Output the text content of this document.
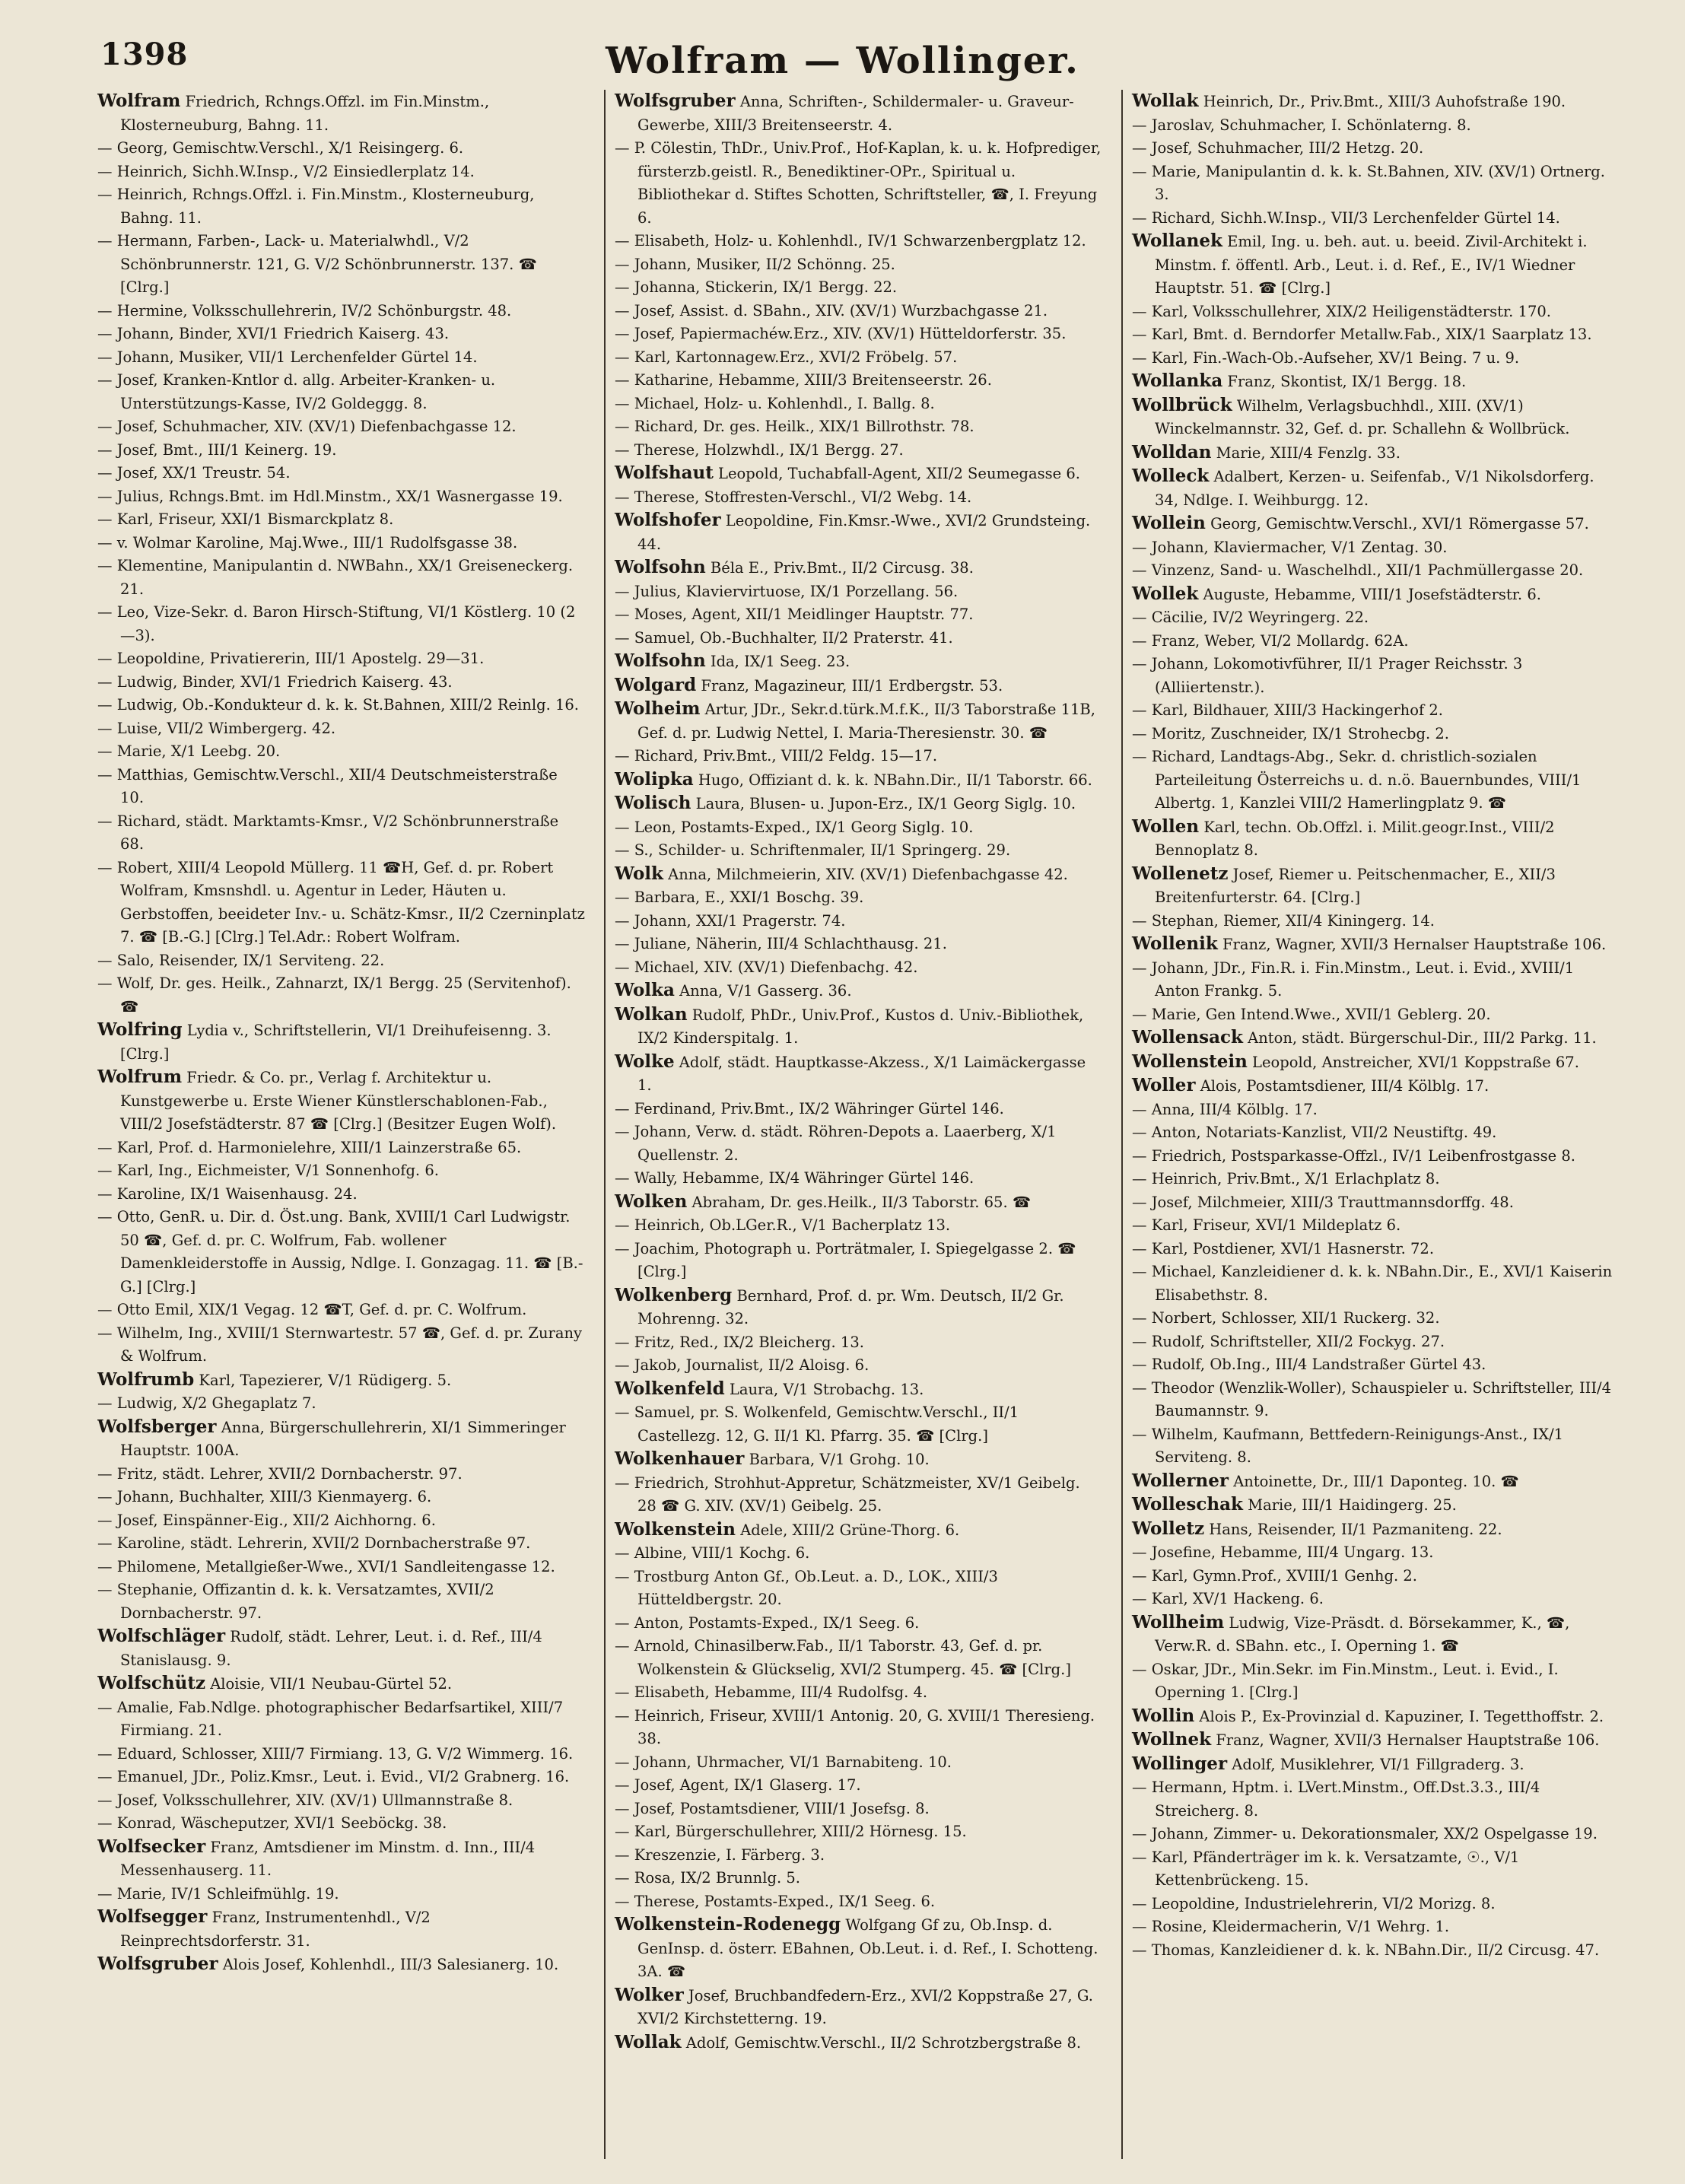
1398	Wolfram — Wollinger.

Wolfram Friedrich, Rchngs.Offzl. im Fin.Minstm., Klosterneuburg, Bahng. 11.

— Georg, Gemischtw.Verschl., X/1 Reisingerg. 6.

— Heinrich, Sichh.W.Insp., V/2 Einsiedlerplatz 14.

— Heinrich, Rchngs.Offzl. i. Fin.Minstm., Klosterneuburg, Bahng. 11.

— Hermann, Farben-, Lack- u. Materialwhdl., V/2 Schönbrunnerstr. 121, G. V/2 Schönbrunnerstr. 137. ☎ [Clrg.]

— Hermine, Volksschullehrerin, IV/2 Schönburgstr. 48.

— Johann, Binder, XVI/1 Friedrich Kaiserg. 43.

— Johann, Musiker, VII/1 Lerchenfelder Gürtel 14.

— Josef, Kranken-Kntlor d. allg. Arbeiter-Kranken- u. Unterstützungs-Kasse, IV/2 Goldeggg. 8.

— Josef, Schuhmacher, XIV. (XV/1) Diefenbachgasse 12.

— Josef, Bmt., III/1 Keinerg. 19.

— Josef, XX/1 Treustr. 54.

— Julius, Rchngs.Bmt. im Hdl.Minstm., XX/1 Wasnergasse 19.

— Karl, Friseur, XXI/1 Bismarckplatz 8.

— v. Wolmar Karoline, Maj.Wwe., III/1 Rudolfsgasse 38.

— Klementine, Manipulantin d. NWBahn., XX/1 Greiseneckerg. 21.

— Leo, Vize-Sekr. d. Baron Hirsch-Stiftung, VI/1 Köstlerg. 10 (2—3).

— Leopoldine, Privatiererin, III/1 Apostelg. 29—31.

— Ludwig, Binder, XVI/1 Friedrich Kaiserg. 43.

— Ludwig, Ob.-Kondukteur d. k. k. St.Bahnen, XIII/2 Reinlg. 16.

— Luise, VII/2 Wimbergerg. 42.

— Marie, X/1 Leebg. 20.

— Matthias, Gemischtw.Verschl., XII/4 Deutschmeisterstraße 10.

— Richard, städt. Marktamts-Kmsr., V/2 Schönbrunnerstraße 68.

— Robert, XIII/4 Leopold Müllerg. 11 ☎H, Gef. d. pr. Robert Wolfram, Kmsnshdl. u. Agentur in Leder, Häuten u. Gerbstoffen, beeideter Inv.- u. Schätz-Kmsr., II/2 Czerninplatz 7. ☎ [B.-G.] [Clrg.] Tel.Adr.: Robert Wolfram.

— Salo, Reisender, IX/1 Serviteng. 22.

— Wolf, Dr. ges. Heilk., Zahnarzt, IX/1 Bergg. 25 (Servitenhof). ☎

Wolfring Lydia v., Schriftstellerin, VI/1 Dreihufeisenng. 3. [Clrg.]

Wolfrum Friedr. & Co. pr., Verlag f. Architektur u. Kunstgewerbe u. Erste Wiener Künstlerschablonen-Fab., VIII/2 Josefstädterstr. 87 ☎ [Clrg.] (Besitzer Eugen Wolf).

— Karl, Prof. d. Harmonielehre, XIII/1 Lainzerstraße 65.

— Karl, Ing., Eichmeister, V/1 Sonnenhofg. 6.

— Karoline, IX/1 Waisenhausg. 24.

— Otto, GenR. u. Dir. d. Öst.ung. Bank, XVIII/1 Carl Ludwigstr. 50 ☎, Gef. d. pr. C. Wolfrum, Fab. wollener Damenkleiderstoffe in Aussig, Ndlge. I. Gonzagag. 11. ☎ [B.-G.] [Clrg.]

— Otto Emil, XIX/1 Vegag. 12 ☎T, Gef. d. pr. C. Wolfrum.

— Wilhelm, Ing., XVIII/1 Sternwartestr. 57 ☎, Gef. d. pr. Zurany & Wolfrum.

Wolfrumb Karl, Tapezierer, V/1 Rüdigerg. 5.

— Ludwig, X/2 Ghegaplatz 7.

Wolfsberger Anna, Bürgerschullehrerin, XI/1 Simmeringer Hauptstr. 100A.

— Fritz, städt. Lehrer, XVII/2 Dornbacherstr. 97.

— Johann, Buchhalter, XIII/3 Kienmayerg. 6.

— Josef, Einspänner-Eig., XII/2 Aichhorng. 6.

— Karoline, städt. Lehrerin, XVII/2 Dornbacherstraße 97.

— Philomene, Metallgießer-Wwe., XVI/1 Sandleitengasse 12.

— Stephanie, Offizantin d. k. k. Versatzamtes, XVII/2 Dornbacherstr. 97.

Wolfschläger Rudolf, städt. Lehrer, Leut. i. d. Ref., III/4 Stanislausg. 9.

Wolfschütz Aloisie, VII/1 Neubau-Gürtel 52.

— Amalie, Fab.Ndlge. photographischer Bedarfsartikel, XIII/7 Firmiang. 21.

— Eduard, Schlosser, XIII/7 Firmiang. 13, G. V/2 Wimmerg. 16.

— Emanuel, JDr., Poliz.Kmsr., Leut. i. Evid., VI/2 Grabnerg. 16.

— Josef, Volksschullehrer, XIV. (XV/1) Ullmannstraße 8.

— Konrad, Wäscheputzer, XVI/1 Seeböckg. 38.

Wolfsecker Franz, Amtsdiener im Minstm. d. Inn., III/4 Messenhauserg. 11.

— Marie, IV/1 Schleifmühlg. 19.

Wolfsegger Franz, Instrumentenhdl., V/2 Reinprechtsdorferstr. 31.

Wolfsgruber Alois Josef, Kohlenhdl., III/3 Salesianerg. 10.

Wolfsgruber Anna, Schriften-, Schildermaler- u. Graveur-Gewerbe, XIII/3 Breitenseerstr. 4.

— P. Cölestin, ThDr., Univ.Prof., Hof-Kaplan, k. u. k. Hofprediger, fürsterzb.geistl. R., Benediktiner-OPr., Spiritual u. Bibliothekar d. Stiftes Schotten, Schriftsteller, ☎, I. Freyung 6.

— Elisabeth, Holz- u. Kohlenhdl., IV/1 Schwarzenbergplatz 12.

— Johann, Musiker, II/2 Schönng. 25.

— Johanna, Stickerin, IX/1 Bergg. 22.

— Josef, Assist. d. SBahn., XIV. (XV/1) Wurzbachgasse 21.

— Josef, Papiermachéw.Erz., XIV. (XV/1) Hütteldorferstr. 35.

— Karl, Kartonnagew.Erz., XVI/2 Fröbelg. 57.

— Katharine, Hebamme, XIII/3 Breitenseerstr. 26.

— Michael, Holz- u. Kohlenhdl., I. Ballg. 8.

— Richard, Dr. ges. Heilk., XIX/1 Billrothstr. 78.

— Therese, Holzwhdl., IX/1 Bergg. 27.

Wolfshaut Leopold, Tuchabfall-Agent, XII/2 Seumegasse 6.

— Therese, Stoffresten-Verschl., VI/2 Webg. 14.

Wolfshofer Leopoldine, Fin.Kmsr.-Wwe., XVI/2 Grundsteing. 44.

Wolfsohn Béla E., Priv.Bmt., II/2 Circusg. 38.

— Julius, Klaviervirtuose, IX/1 Porzellang. 56.

— Moses, Agent, XII/1 Meidlinger Hauptstr. 77.

— Samuel, Ob.-Buchhalter, II/2 Praterstr. 41.

Wolfsohn Ida, IX/1 Seeg. 23.

Wolgard Franz, Magazineur, III/1 Erdbergstr. 53.

Wolheim Artur, JDr., Sekr.d.türk.M.f.K., II/3 Taborstraße 11B, Gef. d. pr. Ludwig Nettel, I. Maria-Theresienstr. 30. ☎

— Richard, Priv.Bmt., VIII/2 Feldg. 15—17.

Wolipka Hugo, Offiziant d. k. k. NBahn.Dir., II/1 Taborstr. 66.

Wolisch Laura, Blusen- u. Jupon-Erz., IX/1 Georg Siglg. 10.

— Leon, Postamts-Exped., IX/1 Georg Siglg. 10.

— S., Schilder- u. Schriftenmaler, II/1 Springerg. 29.

Wolk Anna, Milchmeierin, XIV. (XV/1) Diefenbachgasse 42.

— Barbara, E., XXI/1 Boschg. 39.

— Johann, XXI/1 Pragerstr. 74.

— Juliane, Näherin, III/4 Schlachthausg. 21.

— Michael, XIV. (XV/1) Diefenbachg. 42.

Wolka Anna, V/1 Gasserg. 36.

Wolkan Rudolf, PhDr., Univ.Prof., Kustos d. Univ.-Bibliothek, IX/2 Kinderspitalg. 1.

Wolke Adolf, städt. Hauptkasse-Akzess., X/1 Laimäckergasse 1.

— Ferdinand, Priv.Bmt., IX/2 Währinger Gürtel 146.

— Johann, Verw. d. städt. Röhren-Depots a. Laaerberg, X/1 Quellenstr. 2.

— Wally, Hebamme, IX/4 Währinger Gürtel 146.

Wolken Abraham, Dr. ges.Heilk., II/3 Taborstr. 65. ☎

— Heinrich, Ob.LGer.R., V/1 Bacherplatz 13.

— Joachim, Photograph u. Porträtmaler, I. Spiegelgasse 2. ☎ [Clrg.]

Wolkenberg Bernhard, Prof. d. pr. Wm. Deutsch, II/2 Gr. Mohrenng. 32.

— Fritz, Red., IX/2 Bleicherg. 13.

— Jakob, Journalist, II/2 Aloisg. 6.

Wolkenfeld Laura, V/1 Strobachg. 13.

— Samuel, pr. S. Wolkenfeld, Gemischtw.Verschl., II/1 Castellezg. 12, G. II/1 Kl. Pfarrg. 35. ☎ [Clrg.]

Wolkenhauer Barbara, V/1 Grohg. 10.

— Friedrich, Strohhut-Appretur, Schätzmeister, XV/1 Geibelg. 28 ☎ G. XIV. (XV/1) Geibelg. 25.

Wolkenstein Adele, XIII/2 Grüne-Thorg. 6.

— Albine, VIII/1 Kochg. 6.

— Trostburg Anton Gf., Ob.Leut. a. D., LOK., XIII/3 Hütteldbergstr. 20.

— Anton, Postamts-Exped., IX/1 Seeg. 6.

— Arnold, Chinasilberw.Fab., II/1 Taborstr. 43, Gef. d. pr. Wolkenstein & Glückselig, XVI/2 Stumperg. 45. ☎ [Clrg.]

— Elisabeth, Hebamme, III/4 Rudolfsg. 4.

— Heinrich, Friseur, XVIII/1 Antonig. 20, G. XVIII/1 Theresieng. 38.

— Johann, Uhrmacher, VI/1 Barnabiteng. 10.

— Josef, Agent, IX/1 Glaserg. 17.

— Josef, Postamtsdiener, VIII/1 Josefsg. 8.

— Karl, Bürgerschullehrer, XIII/2 Hörnesg. 15.

— Kreszenzie, I. Färberg. 3.

— Rosa, IX/2 Brunnlg. 5.

— Therese, Postamts-Exped., IX/1 Seeg. 6.

Wolkenstein-Rodenegg Wolfgang Gf zu, Ob.Insp. d. GenInsp. d. österr. EBahnen, Ob.Leut. i. d. Ref., I. Schotteng. 3A. ☎

Wolker Josef, Bruchbandfedern-Erz., XVI/2 Koppstraße 27, G. XVI/2 Kirchstetterng. 19.

Wollak Adolf, Gemischtw.Verschl., II/2 Schrotzbergstraße 8.

Wollak Heinrich, Dr., Priv.Bmt., XIII/3 Auhofstraße 190.

— Jaroslav, Schuhmacher, I. Schönlaterng. 8.

— Josef, Schuhmacher, III/2 Hetzg. 20.

— Marie, Manipulantin d. k. k. St.Bahnen, XIV. (XV/1) Ortnerg. 3.

— Richard, Sichh.W.Insp., VII/3 Lerchenfelder Gürtel 14.

Wollanek Emil, Ing. u. beh. aut. u. beeid. Zivil-Architekt i. Minstm. f. öffentl. Arb., Leut. i. d. Ref., E., IV/1 Wiedner Hauptstr. 51. ☎ [Clrg.]

— Karl, Volksschullehrer, XIX/2 Heiligenstädterstr. 170.

— Karl, Bmt. d. Berndorfer Metallw.Fab., XIX/1 Saarplatz 13.

— Karl, Fin.-Wach-Ob.-Aufseher, XV/1 Being. 7 u. 9.

Wollanka Franz, Skontist, IX/1 Bergg. 18.

Wollbrück Wilhelm, Verlagsbuchhdl., XIII. (XV/1) Winckelmannstr. 32, Gef. d. pr. Schallehn & Wollbrück.

Wolldan Marie, XIII/4 Fenzlg. 33.

Wolleck Adalbert, Kerzen- u. Seifenfab., V/1 Nikolsdorferg. 34, Ndlge. I. Weihburgg. 12.

Wollein Georg, Gemischtw.Verschl., XVI/1 Römergasse 57.

— Johann, Klaviermacher, V/1 Zentag. 30.

— Vinzenz, Sand- u. Waschelhdl., XII/1 Pachmüllergasse 20.

Wollek Auguste, Hebamme, VIII/1 Josefstädterstr. 6.

— Cäcilie, IV/2 Weyringerg. 22.

— Franz, Weber, VI/2 Mollardg. 62A.

— Johann, Lokomotivführer, II/1 Prager Reichsstr. 3 (Alliiertenstr.).

— Karl, Bildhauer, XIII/3 Hackingerhof 2.

— Moritz, Zuschneider, IX/1 Strohecbg. 2.

— Richard, Landtags-Abg., Sekr. d. christlich-sozialen Parteileitung Österreichs u. d. n.ö. Bauernbundes, VIII/1 Albertg. 1, Kanzlei VIII/2 Hamerlingplatz 9. ☎

Wollen Karl, techn. Ob.Offzl. i. Milit.geogr.Inst., VIII/2 Bennoplatz 8.

Wollenetz Josef, Riemer u. Peitschenmacher, E., XII/3 Breitenfurterstr. 64. [Clrg.]

— Stephan, Riemer, XII/4 Kiningerg. 14.

Wollenik Franz, Wagner, XVII/3 Hernalser Hauptstraße 106.

— Johann, JDr., Fin.R. i. Fin.Minstm., Leut. i. Evid., XVIII/1 Anton Frankg. 5.

— Marie, Gen Intend.Wwe., XVII/1 Geblerg. 20.

Wollensack Anton, städt. Bürgerschul-Dir., III/2 Parkg. 11.

Wollenstein Leopold, Anstreicher, XVI/1 Koppstraße 67.

Woller Alois, Postamtsdiener, III/4 Kölblg. 17.

— Anna, III/4 Kölblg. 17.

— Anton, Notariats-Kanzlist, VII/2 Neustiftg. 49.

— Friedrich, Postsparkasse-Offzl., IV/1 Leibenfrostgasse 8.

— Heinrich, Priv.Bmt., X/1 Erlachplatz 8.

— Josef, Milchmeier, XIII/3 Trauttmannsdorffg. 48.

— Karl, Friseur, XVI/1 Mildeplatz 6.

— Karl, Postdiener, XVI/1 Hasnerstr. 72.

— Michael, Kanzleidiener d. k. k. NBahn.Dir., E., XVI/1 Kaiserin Elisabethstr. 8.

— Norbert, Schlosser, XII/1 Ruckerg. 32.

— Rudolf, Schriftsteller, XII/2 Fockyg. 27.

— Rudolf, Ob.Ing., III/4 Landstraßer Gürtel 43.

— Theodor (Wenzlik-Woller), Schauspieler u. Schriftsteller, III/4 Baumannstr. 9.

— Wilhelm, Kaufmann, Bettfedern-Reinigungs-Anst., IX/1 Serviteng. 8.

Wollerner Antoinette, Dr., III/1 Daponteg. 10. ☎

Wolleschak Marie, III/1 Haidingerg. 25.

Wolletz Hans, Reisender, II/1 Pazmaniteng. 22.

— Josefine, Hebamme, III/4 Ungarg. 13.

— Karl, Gymn.Prof., XVIII/1 Genhg. 2.

— Karl, XV/1 Hackeng. 6.

Wollheim Ludwig, Vize-Präsdt. d. Börsekammer, K., ☎, Verw.R. d. SBahn. etc., I. Operning 1. ☎

— Oskar, JDr., Min.Sekr. im Fin.Minstm., Leut. i. Evid., I. Operning 1. [Clrg.]

Wollin Alois P., Ex-Provinzial d. Kapuziner, I. Tegetthoffstr. 2.

Wollnek Franz, Wagner, XVII/3 Hernalser Hauptstraße 106.

Wollinger Adolf, Musiklehrer, VI/1 Fillgraderg. 3.

— Hermann, Hptm. i. LVert.Minstm., Off.Dst.3.3., III/4 Streicherg. 8.

— Johann, Zimmer- u. Dekorationsmaler, XX/2 Ospelgasse 19.

— Karl, Pfänderträger im k. k. Versatzamte, ☉., V/1 Kettenbrückeng. 15.

— Leopoldine, Industrielehrerin, VI/2 Morizg. 8.

— Rosine, Kleidermacherin, V/1 Wehrg. 1.

— Thomas, Kanzleidiener d. k. k. NBahn.Dir., II/2 Circusg. 47.
